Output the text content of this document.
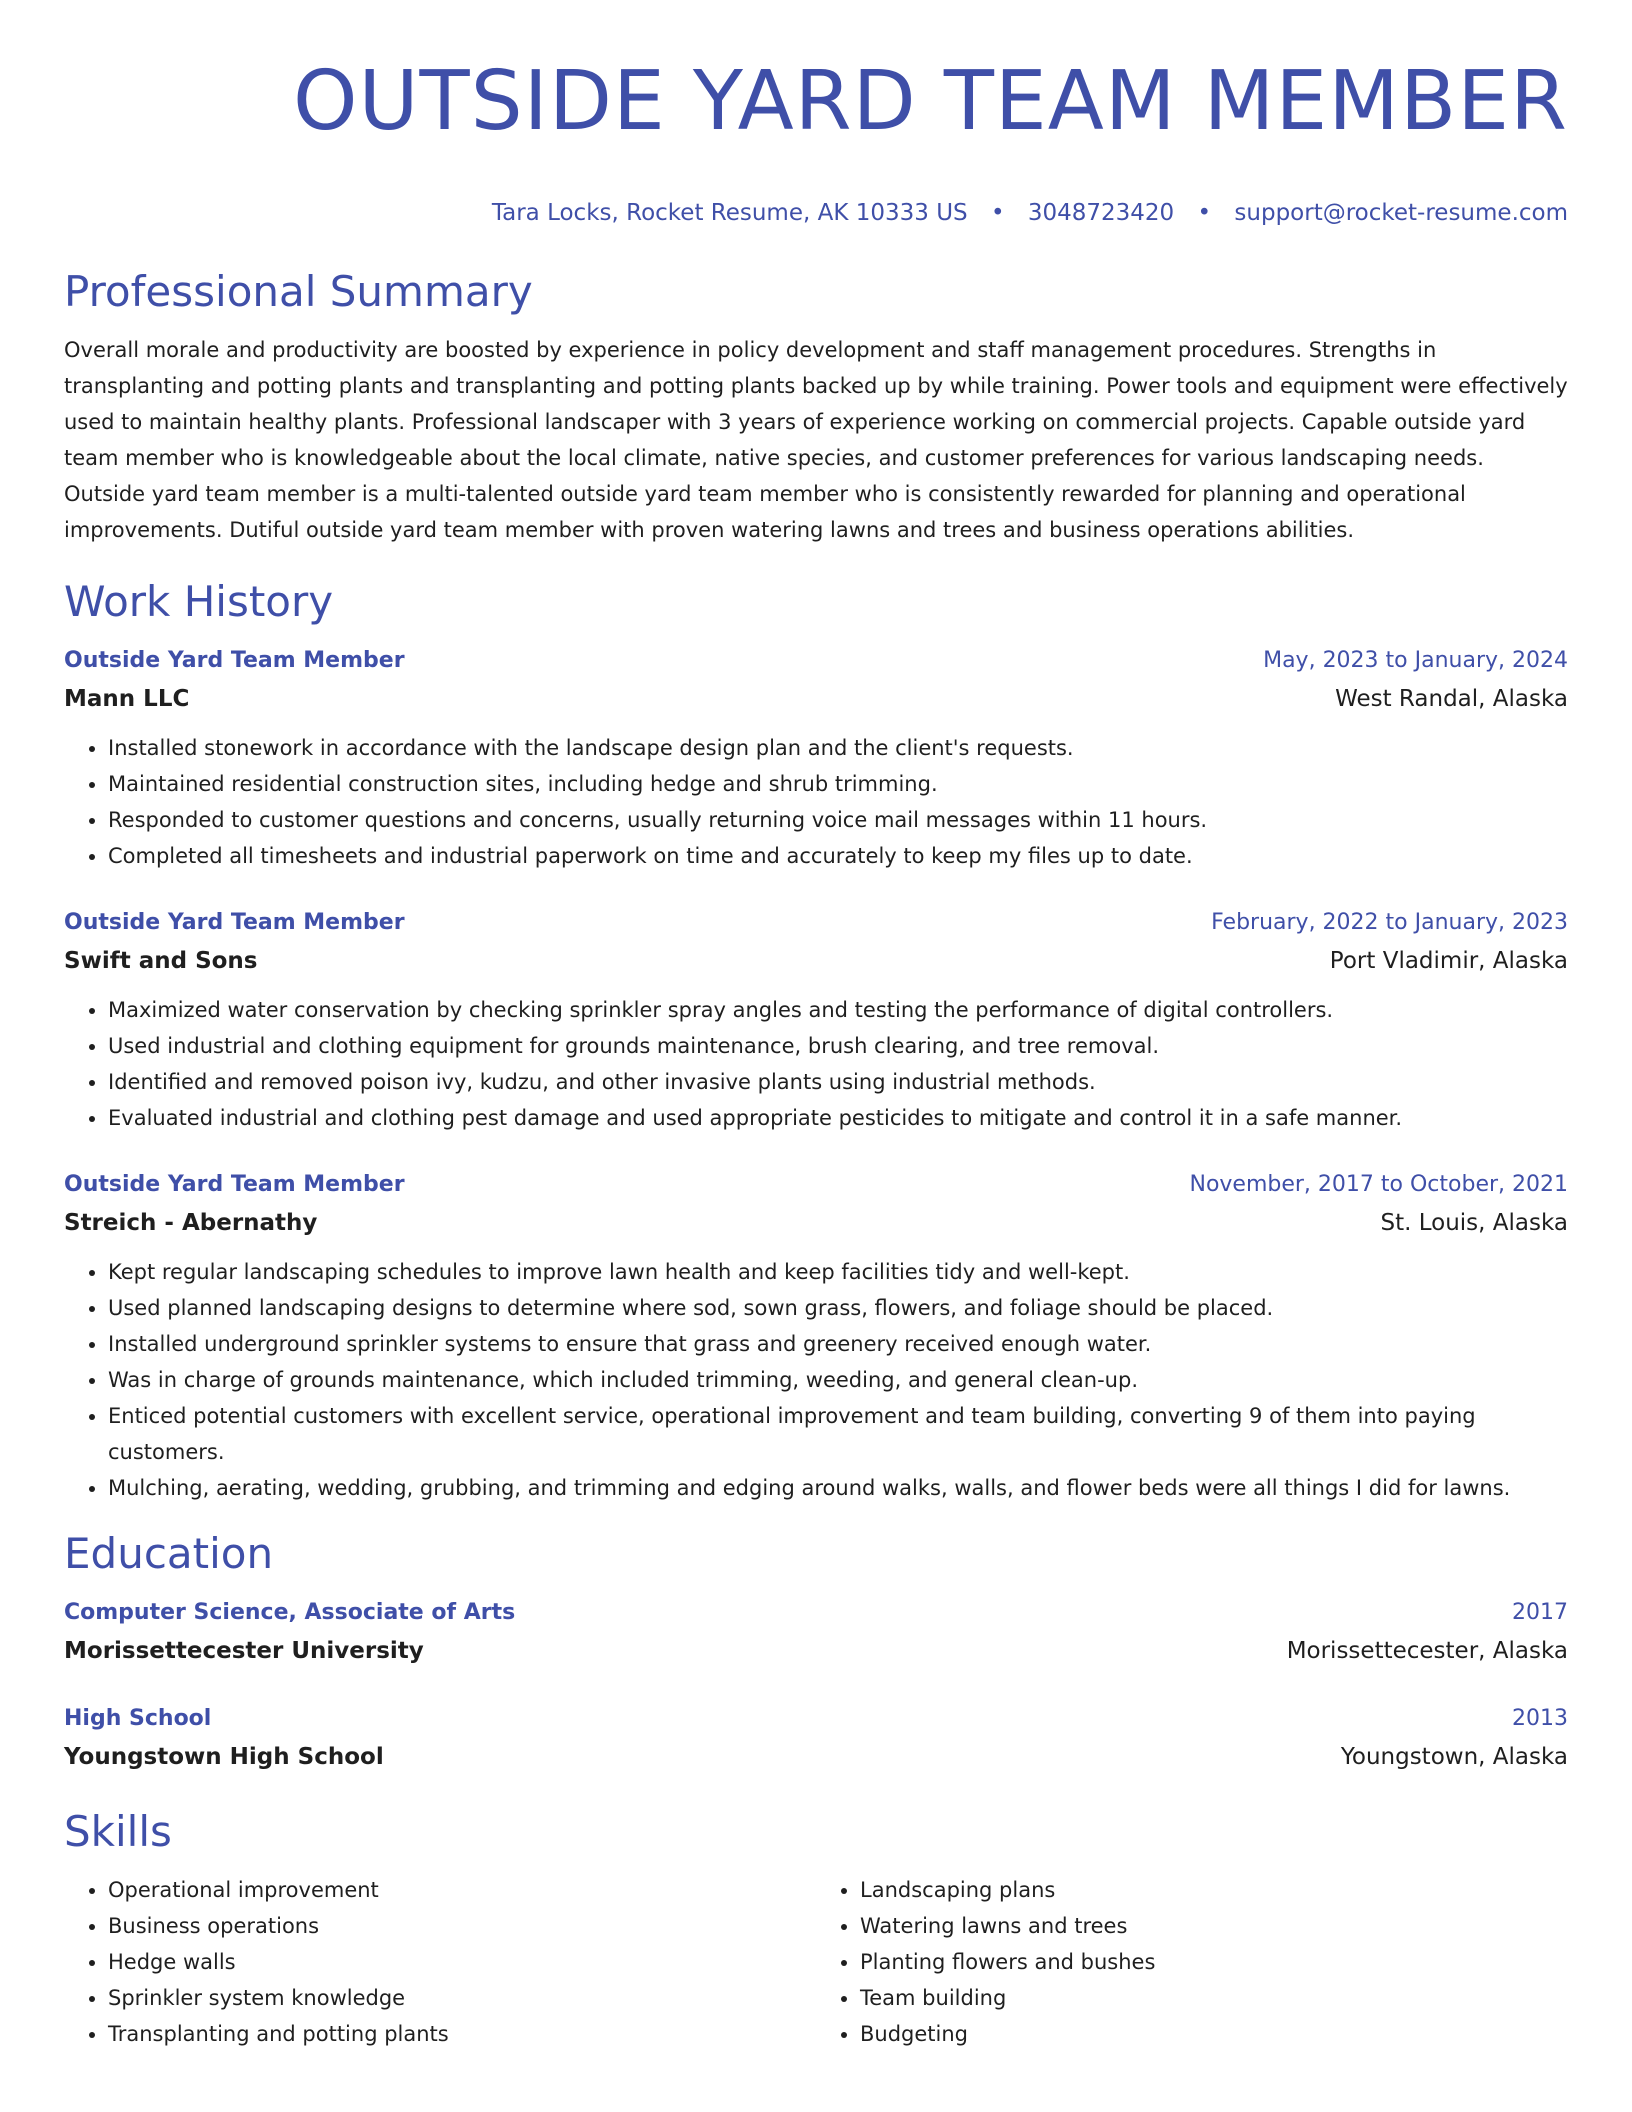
OUTSIDE YARD TEAM MEMBER
Tara Locks, Rocket Resume, AK 10333 US • 3048723420 • support@rocket-resume.com
Professional Summary
Overall morale and productivity are boosted by experience in policy development and staff management procedures. Strengths in transplanting and potting plants and transplanting and potting plants backed up by while training. Power tools and equipment were effectively used to maintain healthy plants. Professional landscaper with 3 years of experience working on commercial projects. Capable outside yard team member who is knowledgeable about the local climate, native species, and customer preferences for various landscaping needs. Outside yard team member is a multi-talented outside yard team member who is consistently rewarded for planning and operational improvements. Dutiful outside yard team member with proven watering lawns and trees and business operations abilities.
Work History
Outside Yard Team Member	May, 2023 to January, 2024
Mann LLC	West Randal, Alaska
• Installed stonework in accordance with the landscape design plan and the client's requests.
• Maintained residential construction sites, including hedge and shrub trimming.
• Responded to customer questions and concerns, usually returning voice mail messages within 11 hours.
• Completed all timesheets and industrial paperwork on time and accurately to keep my files up to date.
Outside Yard Team Member	February, 2022 to January, 2023
Swift and Sons	Port Vladimir, Alaska
• Maximized water conservation by checking sprinkler spray angles and testing the performance of digital controllers.
• Used industrial and clothing equipment for grounds maintenance, brush clearing, and tree removal.
• Identified and removed poison ivy, kudzu, and other invasive plants using industrial methods.
• Evaluated industrial and clothing pest damage and used appropriate pesticides to mitigate and control it in a safe manner.
Outside Yard Team Member	November, 2017 to October, 2021
Streich - Abernathy	St. Louis, Alaska
• Kept regular landscaping schedules to improve lawn health and keep facilities tidy and well-kept.
• Used planned landscaping designs to determine where sod, sown grass, flowers, and foliage should be placed.
• Installed underground sprinkler systems to ensure that grass and greenery received enough water.
• Was in charge of grounds maintenance, which included trimming, weeding, and general clean-up.
• Enticed potential customers with excellent service, operational improvement and team building, converting 9 of them into paying customers.
• Mulching, aerating, wedding, grubbing, and trimming and edging around walks, walls, and flower beds were all things I did for lawns.
Education
Computer Science, Associate of Arts	2017
Morissettecester University	Morissettecester, Alaska
High School	2013
Youngstown High School	Youngstown, Alaska
Skills
• Operational improvement
• Business operations
• Hedge walls
• Sprinkler system knowledge
• Transplanting and potting plants
• Landscaping plans
• Watering lawns and trees
• Planting flowers and bushes
• Team building
• Budgeting
